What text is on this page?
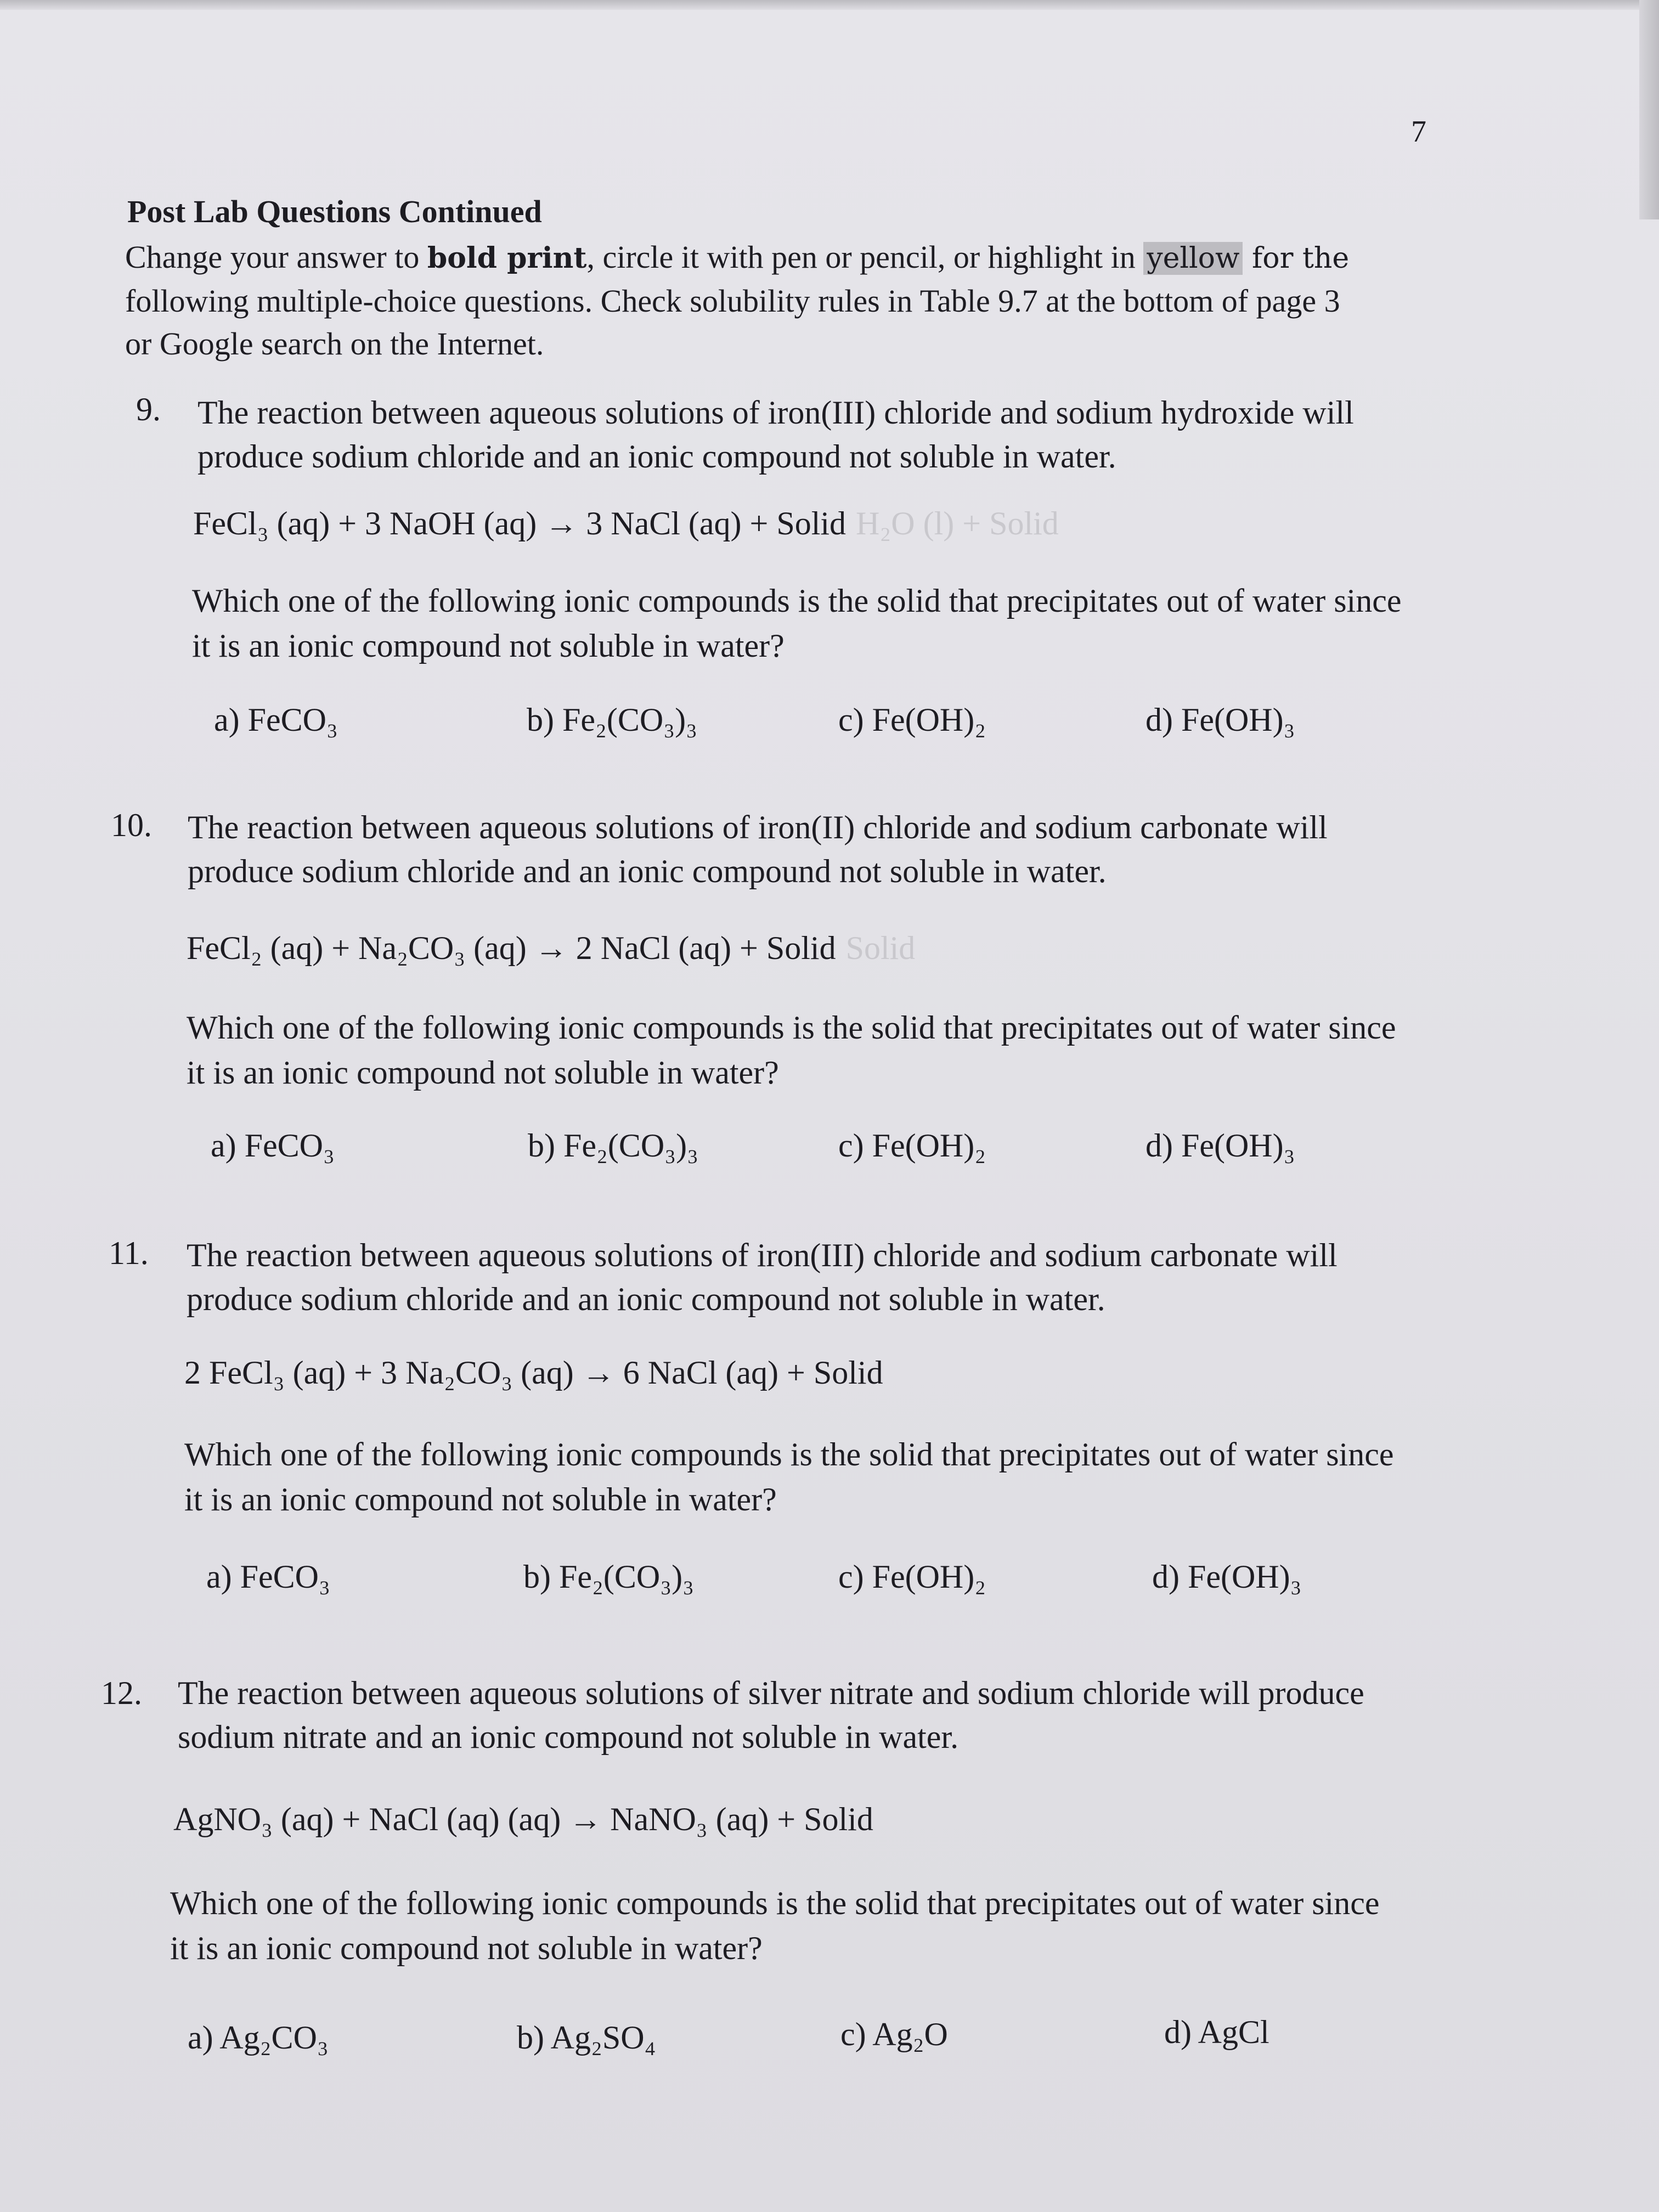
7
Post Lab Questions Continued
Change your answer to bold print, circle it with pen or pencil, or highlight in yellow for the
following multiple-choice questions. Check solubility rules in Table 9.7 at the bottom of page 3
or Google search on the Internet.
9. The reaction between aqueous solutions of iron(III) chloride and sodium hydroxide will
produce sodium chloride and an ionic compound not soluble in water.
FeCl₃ (aq) + 3 NaOH (aq) → 3 NaCl (aq) + Solid H₂O (l) + Solid
Which one of the following ionic compounds is the solid that precipitates out of water since
it is an ionic compound not soluble in water?
a) FeCO₃	b) Fe₂(CO₃)₃	c) Fe(OH)₂	d) Fe(OH)₃
10. The reaction between aqueous solutions of iron(II) chloride and sodium carbonate will
produce sodium chloride and an ionic compound not soluble in water.
FeCl₂ (aq) + Na₂CO₃ (aq) → 2 NaCl (aq) + Solid Solid
Which one of the following ionic compounds is the solid that precipitates out of water since
it is an ionic compound not soluble in water?
a) FeCO₃	b) Fe₂(CO₃)₃	c) Fe(OH)₂	d) Fe(OH)₃
11. The reaction between aqueous solutions of iron(III) chloride and sodium carbonate will
produce sodium chloride and an ionic compound not soluble in water.
2 FeCl₃ (aq) + 3 Na₂CO₃ (aq) → 6 NaCl (aq) + Solid
Which one of the following ionic compounds is the solid that precipitates out of water since
it is an ionic compound not soluble in water?
a) FeCO₃	b) Fe₂(CO₃)₃	c) Fe(OH)₂	d) Fe(OH)₃
12. The reaction between aqueous solutions of silver nitrate and sodium chloride will produce
sodium nitrate and an ionic compound not soluble in water.
AgNO₃ (aq) + NaCl (aq) (aq) → NaNO₃ (aq) + Solid
Which one of the following ionic compounds is the solid that precipitates out of water since
it is an ionic compound not soluble in water?
a) Ag₂CO₃	b) Ag₂SO₄	c) Ag₂O	d) AgCl
